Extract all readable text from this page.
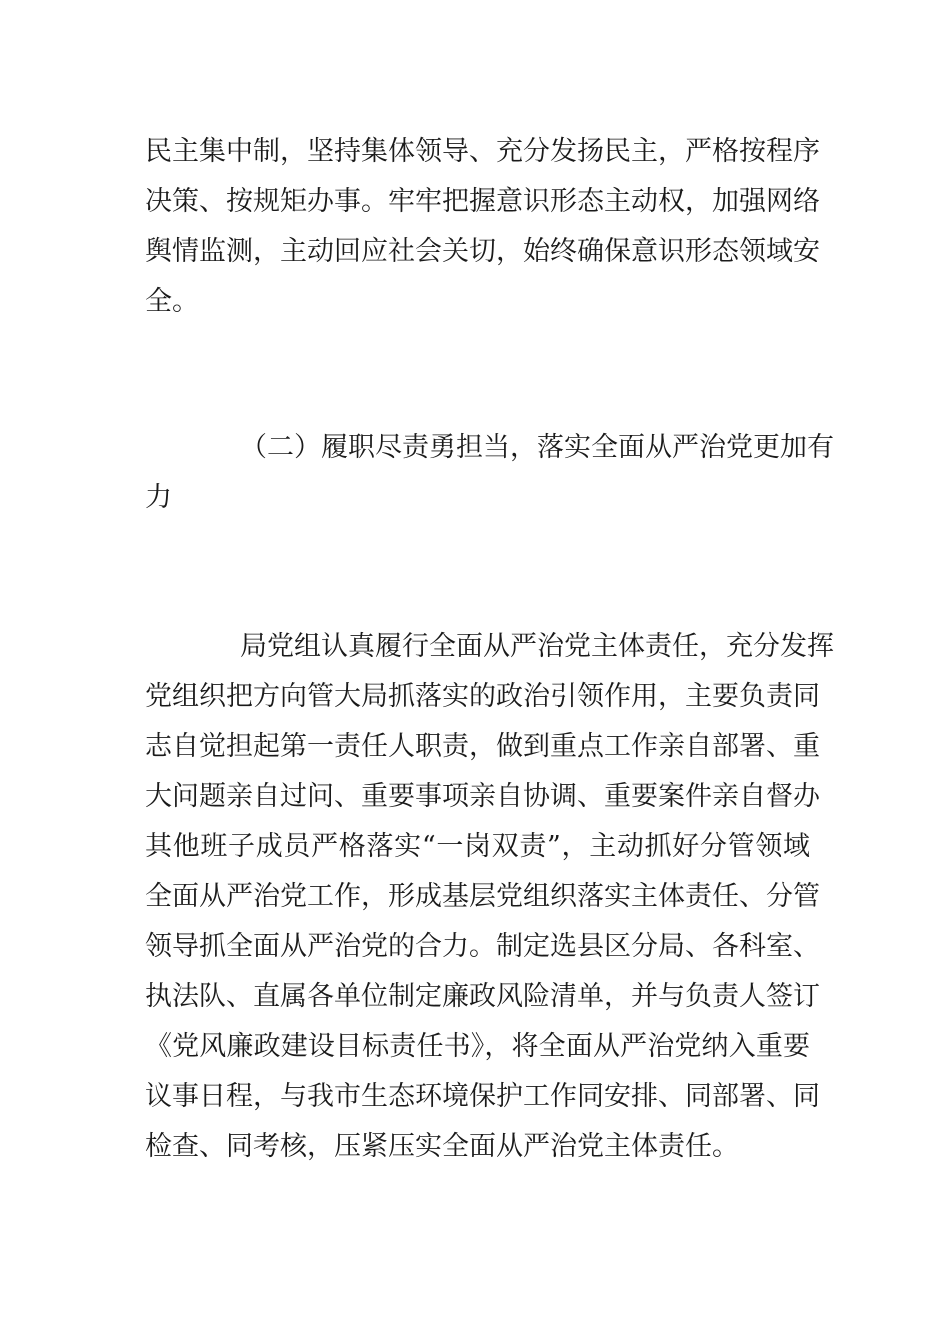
民主集中制，坚持集体领导、充分发扬民主，严格按程序
决策、按规矩办事。牢牢把握意识形态主动权，加强网络
舆情监测，主动回应社会关切，始终确保意识形态领域安
全。

（二）履职尽责勇担当，落实全面从严治党更加有
力

局党组认真履行全面从严治党主体责任，充分发挥
党组织把方向管大局抓落实的政治引领作用，主要负责同
志自觉担起第一责任人职责，做到重点工作亲自部署、重
大问题亲自过问、重要事项亲自协调、重要案件亲自督办
其他班子成员严格落实“一岗双责”，主动抓好分管领域
全面从严治党工作，形成基层党组织落实主体责任、分管
领导抓全面从严治党的合力。制定选县区分局、各科室、
执法队、直属各单位制定廉政风险清单，并与负责人签订
《党风廉政建设目标责任书》，将全面从严治党纳入重要
议事日程，与我市生态环境保护工作同安排、同部署、同
检查、同考核，压紧压实全面从严治党主体责任。
